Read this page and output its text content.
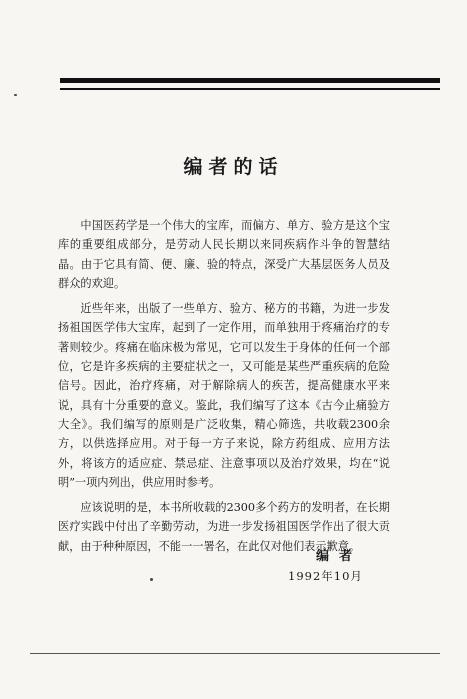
编者的话

中国医药学是一个伟大的宝库，而偏方、单方、验方是这个宝库的重要组成部分，是劳动人民长期以来同疾病作斗争的智慧结晶。由于它具有简、便、廉、验的特点，深受广大基层医务人员及群众的欢迎。

近些年来，出版了一些单方、验方、秘方的书籍，为进一步发扬祖国医学伟大宝库，起到了一定作用，而单独用于疼痛治疗的专著则较少。疼痛在临床极为常见，它可以发生于身体的任何一个部位，它是许多疾病的主要症状之一，又可能是某些严重疾病的危险信号。因此，治疗疼痛，对于解除病人的疾苦，提高健康水平来说，具有十分重要的意义。鉴此，我们编写了这本《古今止痛验方大全》。我们编写的原则是广泛收集，精心筛选，共收载2300余方，以供选择应用。对于每一方子来说，除方药组成、应用方法外，将该方的适应症、禁忌症、注意事项以及治疗效果，均在“说明”一项内列出，供应用时参考。

应该说明的是，本书所收载的2300多个药方的发明者，在长期医疗实践中付出了辛勤劳动，为进一步发扬祖国医学作出了很大贡献，由于种种原因，不能一一署名，在此仅对他们表示歉意。

编者
1992年10月
